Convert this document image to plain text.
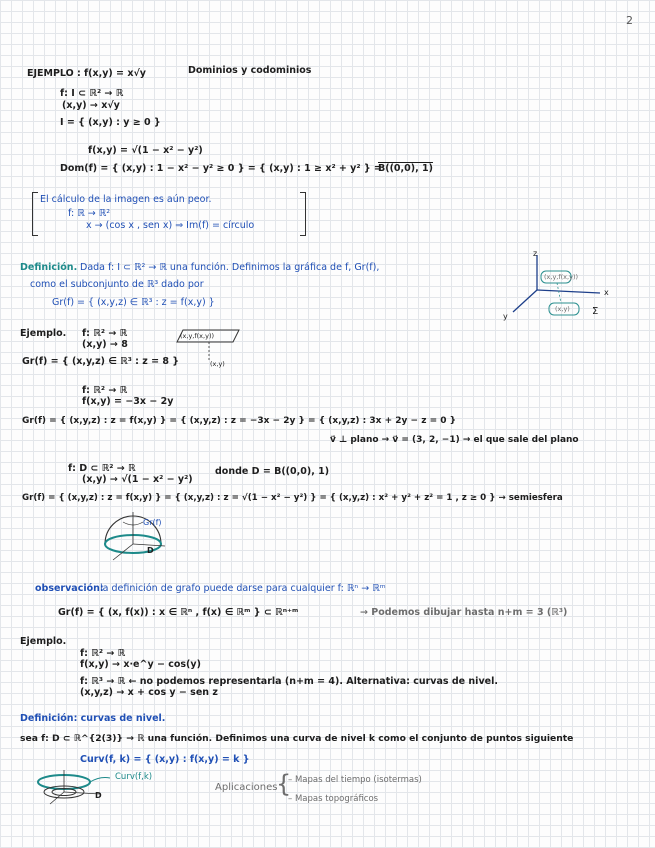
2
EJEMPLO : f(x,y) = x√y	Dominios y codominios
f: I ⊂ ℝ² → ℝ
(x,y) → x√y
I = { (x,y) : y ≥ 0 }
f(x,y) = √(1 − x² − y²)
Dom(f) = { (x,y) : 1 − x² − y² ≥ 0 } = { (x,y) : 1 ≥ x² + y² } =
B((0,0), 1)
El cálculo de la imagen es aún peor.
f: ℝ → ℝ²
x → (cos x , sen x) ⇒ Im(f) = círculo
Definición. Dada f: I ⊂ ℝ² → ℝ una función. Definimos la gráfica de f, Gr(f),
como el subconjunto de ℝ³ dado por
Gr(f) = { (x,y,z) ∈ ℝ³ : z = f(x,y) }
(x,y,f(x,y))
(x,y) Σ
x
y
z
Ejemplo. f: ℝ² → ℝ
(x,y) → 8
Gr(f) = { (x,y,z) ∈ ℝ³ : z = 8 }
(x,y,f(x,y))
(x,y)
f: ℝ² → ℝ
f(x,y) = −3x − 2y
Gr(f) = { (x,y,z) : z = f(x,y) } = { (x,y,z) : z = −3x − 2y } = { (x,y,z) : 3x + 2y − z = 0 }
v⃗ ⊥ plano → v⃗ = (3, 2, −1) → el que sale del plano
f: D ⊂ ℝ² → ℝ
(x,y) → √(1 − x² − y²)
donde D = B((0,0), 1)
Gr(f) = { (x,y,z) : z = f(x,y) } = { (x,y,z) : z = √(1 − x² − y²) } = { (x,y,z) : x² + y² + z² = 1 , z ≥ 0 } → semiesfera
Gr(f)
D
observación:
la definición de grafo puede darse para cualquier f: ℝⁿ → ℝᵐ
Gr(f) = { (x, f(x)) : x ∈ ℝⁿ , f(x) ∈ ℝᵐ } ⊂ ℝⁿ⁺ᵐ	→ Podemos dibujar hasta n+m = 3 (ℝ³)
Ejemplo.
f: ℝ² → ℝ
f(x,y) → x·e^y − cos(y)
f: ℝ³ → ℝ ← no podemos representarla (n+m = 4). Alternativa: curvas de nivel.
(x,y,z) → x + cos y − sen z
Definición: curvas de nivel.
sea f: D ⊂ ℝ^{2(3)} → ℝ una función. Definimos una curva de nivel k como el conjunto de puntos siguiente
Curv(f, k) = { (x,y) : f(x,y) = k }
Curv(f,k)
D
Aplicaciones
{
– Mapas del tiempo (isotermas)
– Mapas topográficos
